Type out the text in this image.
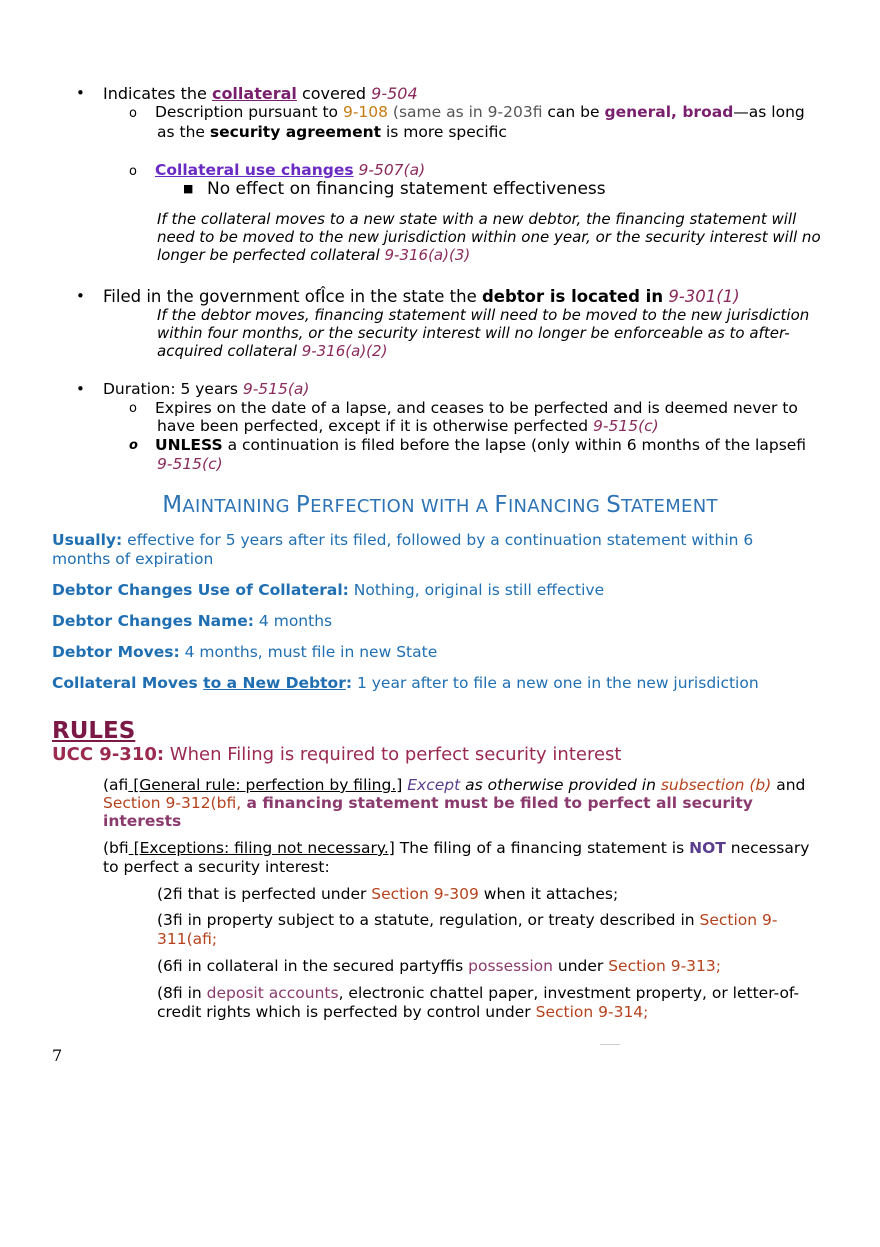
• Indicates the collateral covered 9-504
o Description pursuant to 9-108 (same as in 9-203fi can be general, broad—as long
as the security agreement is more specific
o Collateral use changes 9-507(a)
■ No effect on financing statement effectiveness
If the collateral moves to a new state with a new debtor, the financing statement will
need to be moved to the new jurisdiction within one year, or the security interest will no
longer be perfected collateral 9-316(a)(3)
• Filed in the government ofÎce in the state the debtor is located in 9-301(1)
If the debtor moves, financing statement will need to be moved to the new jurisdiction
within four months, or the security interest will no longer be enforceable as to after-
acquired collateral 9-316(a)(2)
• Duration: 5 years 9-515(a)
o Expires on the date of a lapse, and ceases to be perfected and is deemed never to
have been perfected, except if it is otherwise perfected 9-515(c)
o UNLESS a continuation is filed before the lapse (only within 6 months of the lapsefi
9-515(c)
MAINTAINING PERFECTION WITH A FINANCING STATEMENT
Usually: effective for 5 years after its filed, followed by a continuation statement within 6
months of expiration
Debtor Changes Use of Collateral: Nothing, original is still effective
Debtor Changes Name: 4 months
Debtor Moves: 4 months, must file in new State
Collateral Moves to a New Debtor: 1 year after to file a new one in the new jurisdiction
RULES
UCC 9-310: When Filing is required to perfect security interest
(afi [General rule: perfection by filing.] Except as otherwise provided in subsection (b) and
Section 9-312(bfi, a financing statement must be filed to perfect all security
interests
(bfi [Exceptions: filing not necessary.] The filing of a financing statement is NOT necessary
to perfect a security interest:
(2fi that is perfected under Section 9-309 when it attaches;
(3fi in property subject to a statute, regulation, or treaty described in Section 9-
311(afi;
(6fi in collateral in the secured partyffis possession under Section 9-313;
(8fi in deposit accounts, electronic chattel paper, investment property, or letter-of-
credit rights which is perfected by control under Section 9-314;
7
